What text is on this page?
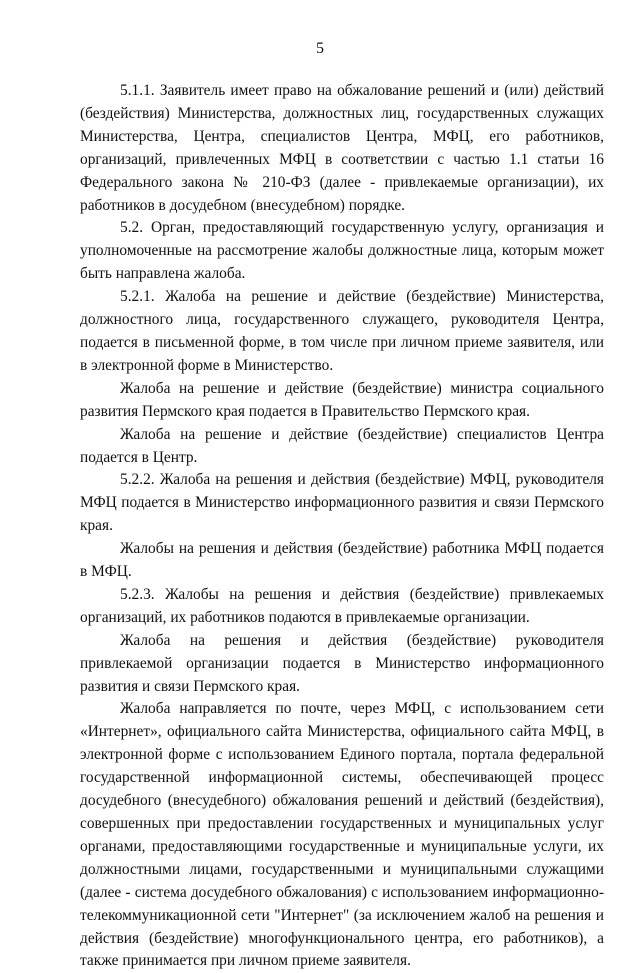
5

5.1.1. Заявитель имеет право на обжалование решений и (или) действий (бездействия) Министерства, должностных лиц, государственных служащих Министерства, Центра, специалистов Центра, МФЦ, его работников, организаций, привлеченных МФЦ в соответствии с частью 1.1 статьи 16 Федерального закона № 210-ФЗ (далее - привлекаемые организации), их работников в досудебном (внесудебном) порядке.

5.2. Орган, предоставляющий государственную услугу, организация и уполномоченные на рассмотрение жалобы должностные лица, которым может быть направлена жалоба.

5.2.1. Жалоба на решение и действие (бездействие) Министерства, должностного лица, государственного служащего, руководителя Центра, подается в письменной форме, в том числе при личном приеме заявителя, или в электронной форме в Министерство.

Жалоба на решение и действие (бездействие) министра социального развития Пермского края подается в Правительство Пермского края.

Жалоба на решение и действие (бездействие) специалистов Центра подается в Центр.

5.2.2. Жалоба на решения и действия (бездействие) МФЦ, руководителя МФЦ подается в Министерство информационного развития и связи Пермского края.

Жалобы на решения и действия (бездействие) работника МФЦ подается в МФЦ.

5.2.3. Жалобы на решения и действия (бездействие) привлекаемых организаций, их работников подаются в привлекаемые организации.

Жалоба на решения и действия (бездействие) руководителя привлекаемой организации подается в Министерство информационного развития и связи Пермского края.

Жалоба направляется по почте, через МФЦ, с использованием сети «Интернет», официального сайта Министерства, официального сайта МФЦ, в электронной форме с использованием Единого портала, портала федеральной государственной информационной системы, обеспечивающей процесс досудебного (внесудебного) обжалования решений и действий (бездействия), совершенных при предоставлении государственных и муниципальных услуг органами, предоставляющими государственные и муниципальные услуги, их должностными лицами, государственными и муниципальными служащими (далее - система досудебного обжалования) с использованием информационно-телекоммуникационной сети "Интернет" (за исключением жалоб на решения и действия (бездействие) многофункционального центра, его работников), а также принимается при личном приеме заявителя.
